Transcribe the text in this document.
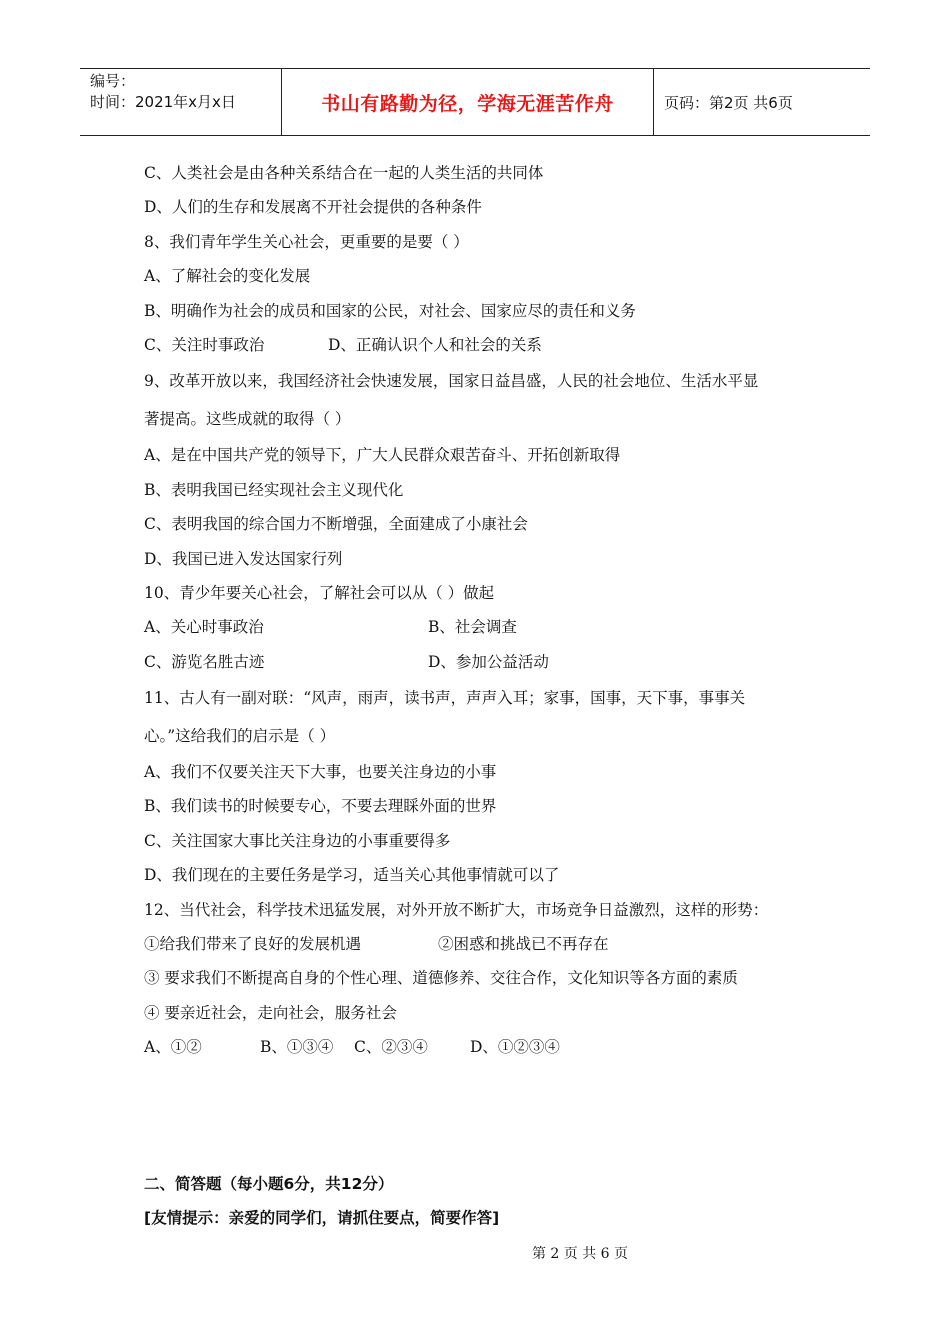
编号：
时间：2021年x月x日	书山有路勤为径，学海无涯苦作舟	页码：第2页 共6页
C、人类社会是由各种关系结合在一起的人类生活的共同体
D、人们的生存和发展离不开社会提供的各种条件
8、我们青年学生关心社会，更重要的是要（ ）
A、了解社会的变化发展
B、明确作为社会的成员和国家的公民，对社会、国家应尽的责任和义务
C、关注时事政治	D、正确认识个人和社会的关系
9、改革开放以来，我国经济社会快速发展，国家日益昌盛，人民的社会地位、生活水平显
著提高。这些成就的取得（ ）
A、是在中国共产党的领导下，广大人民群众艰苦奋斗、开拓创新取得
B、表明我国已经实现社会主义现代化
C、表明我国的综合国力不断增强，全面建成了小康社会
D、我国已进入发达国家行列
10、青少年要关心社会，了解社会可以从（ ）做起
A、关心时事政治	B、社会调查
C、游览名胜古迹	D、参加公益活动
11、古人有一副对联：“风声，雨声，读书声，声声入耳；家事，国事，天下事，事事关
心。”这给我们的启示是（ ）
A、我们不仅要关注天下大事，也要关注身边的小事
B、我们读书的时候要专心，不要去理睬外面的世界
C、关注国家大事比关注身边的小事重要得多
D、我们现在的主要任务是学习，适当关心其他事情就可以了
12、当代社会，科学技术迅猛发展，对外开放不断扩大，市场竞争日益激烈，这样的形势：
①给我们带来了良好的发展机遇	②困惑和挑战已不再存在
③ 要求我们不断提高自身的个性心理、道德修养、交往合作，文化知识等各方面的素质
④ 要亲近社会，走向社会，服务社会
A、①②	B、①③④ C、②③④	D、①②③④
二、简答题（每小题6分，共12分）
[友情提示：亲爱的同学们，请抓住要点，简要作答]
第 2 页 共 6 页
